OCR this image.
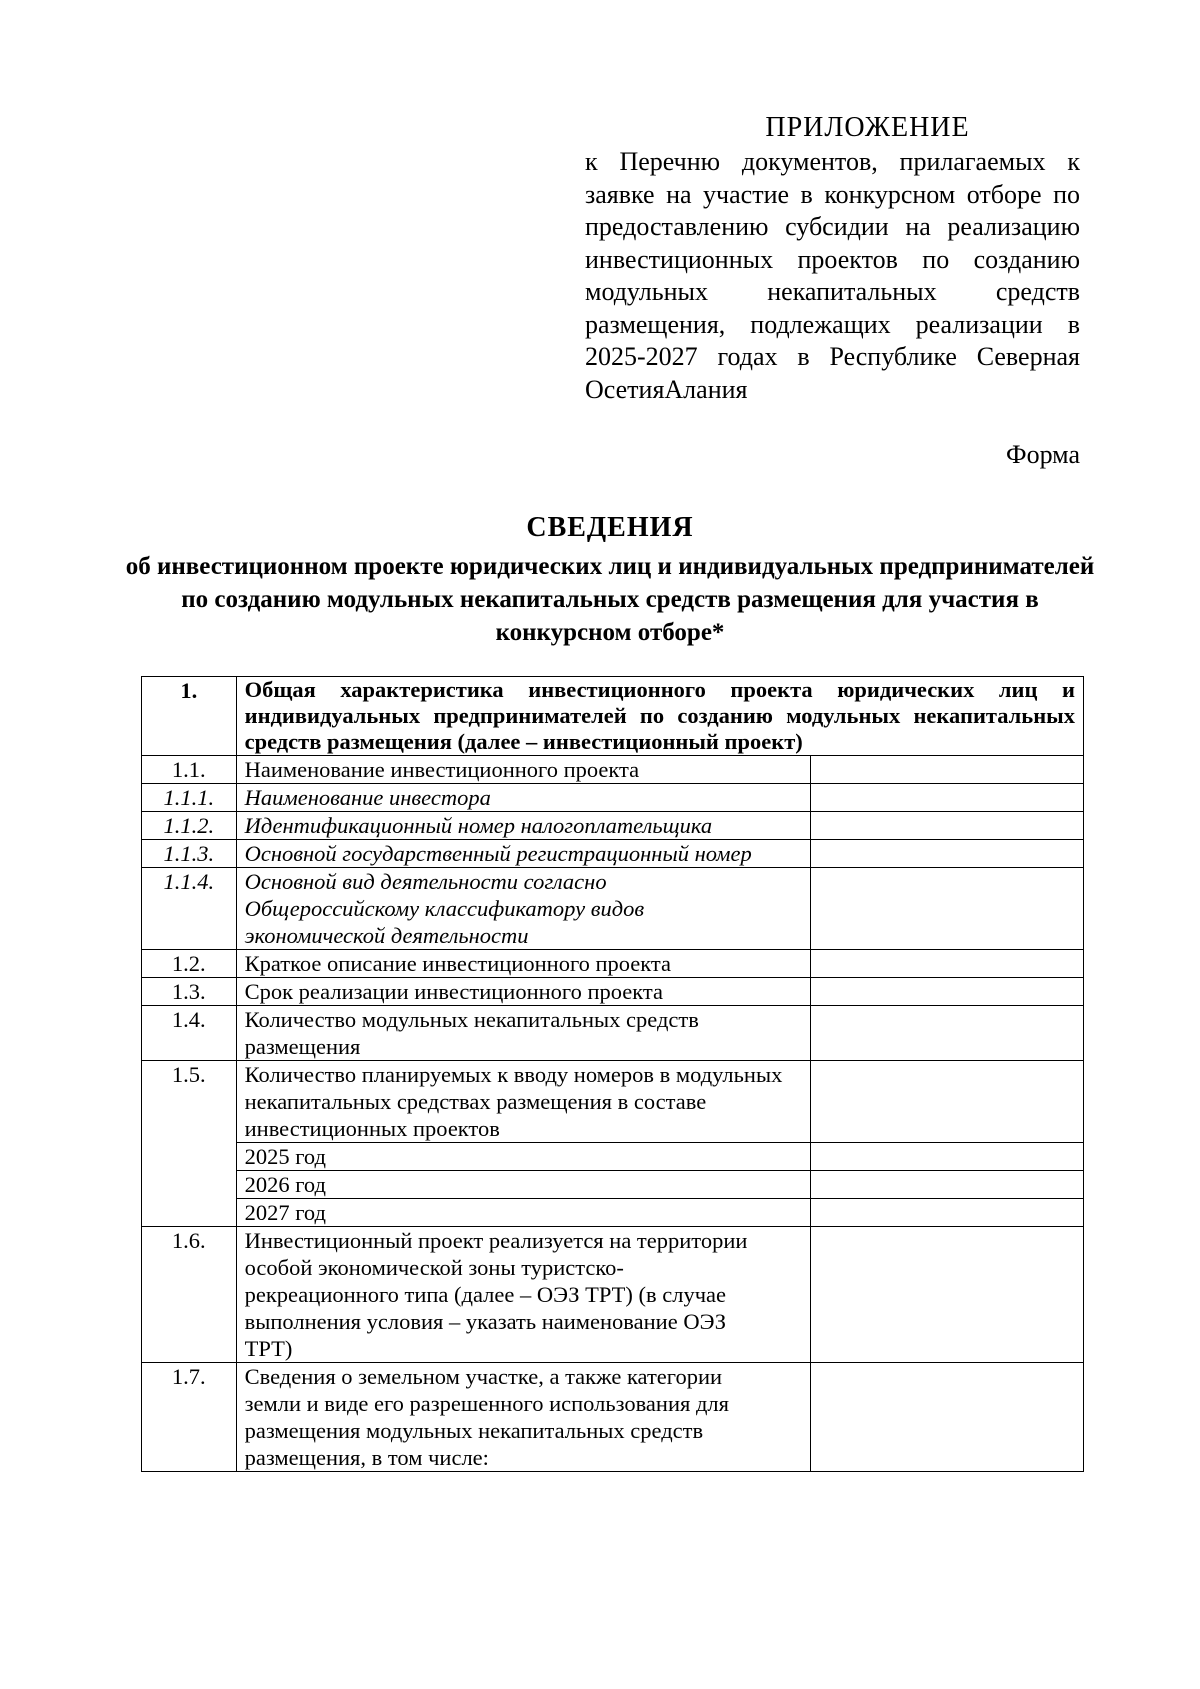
ПРИЛОЖЕНИЕ
к Перечню документов, прилагаемых к заявке на участие в конкурсном отборе по предоставлению субсидии на реализацию инвестиционных проектов по созданию модульных некапитальных средств размещения, подлежащих реализации в 2025-2027 годах в Республике Северная ОсетияАлания
Форма
СВЕДЕНИЯ
об инвестиционном проекте юридических лиц и индивидуальных предпринимателей по созданию модульных некапитальных средств размещения для участия в конкурсном отборе*
1.	Общая характеристика инвестиционного проекта юридических лиц и индивидуальных предпринимателей по созданию модульных некапитальных средств размещения (далее – инвестиционный проект)	
1.1.	Наименование инвестиционного проекта	
1.1.1.	Наименование инвестора	
1.1.2.	Идентификационный номер налогоплательщика	
1.1.3.	Основной государственный регистрационный номер	
1.1.4.	Основной вид деятельности согласно Общероссийскому классификатору видов экономической деятельности	
1.2.	Краткое описание инвестиционного проекта	
1.3.	Срок реализации инвестиционного проекта	
1.4.	Количество модульных некапитальных средств размещения	
1.5.	Количество планируемых к вводу номеров в модульных некапитальных средствах размещения в составе инвестиционных проектов	
	2025 год	
	2026 год	
	2027 год	
1.6.	Инвестиционный проект реализуется на территории особой экономической зоны туристско-рекреационного типа (далее – ОЭЗ ТРТ) (в случае выполнения условия – указать наименование ОЭЗ ТРТ)	
1.7.	Сведения о земельном участке, а также категории земли и виде его разрешенного использования для размещения модульных некапитальных средств размещения, в том числе:	
